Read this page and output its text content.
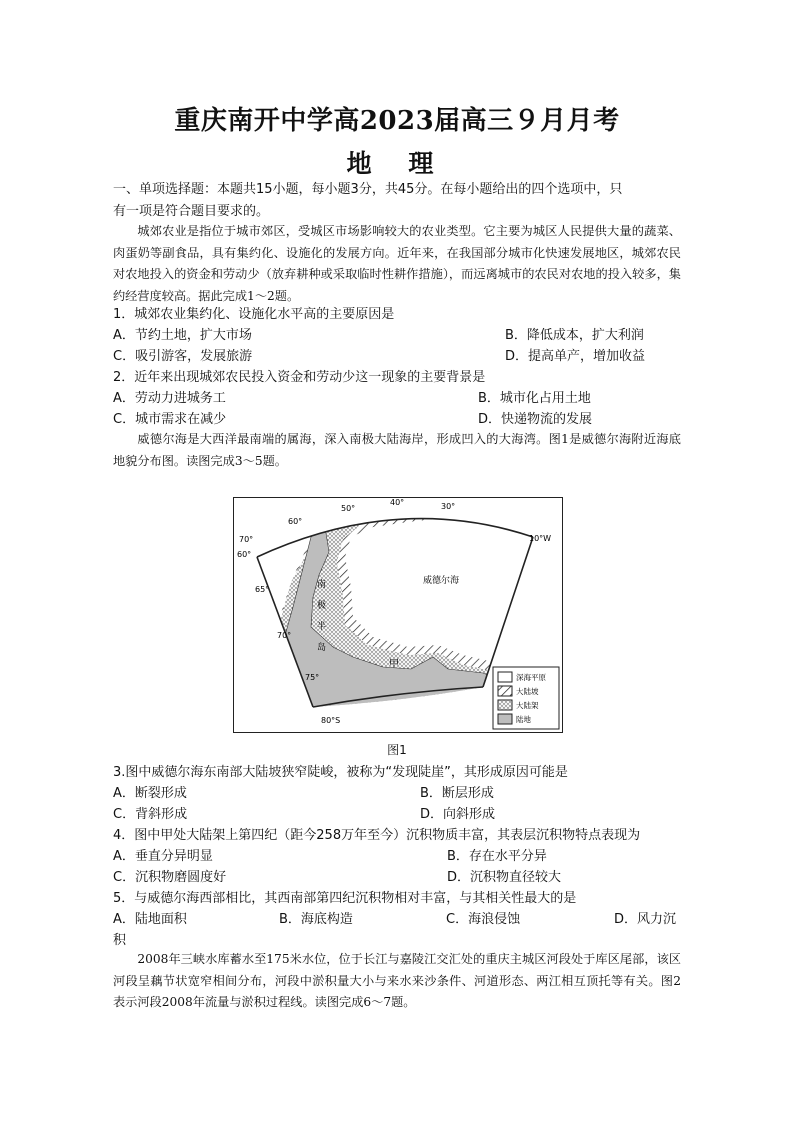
重庆南开中学高2023届高三９月月考
地 理
一、单项选择题：本题共15小题，每小题3分，共45分。在每小题给出的四个选项中，只
有一项是符合题目要求的。
城郊农业是指位于城市郊区，受城区市场影响较大的农业类型。它主要为城区人民提供大量的蔬菜、肉蛋奶等副食品，具有集约化、设施化的发展方向。近年来，在我国部分城市化快速发展地区，城郊农民对农地投入的资金和劳动少（放弃耕种或采取临时性耕作措施），而远离城市的农民对农地的投入较多，集约经营度较高。据此完成1～2题。
1．城郊农业集约化、设施化水平高的主要原因是
A．节约土地，扩大市场	B．降低成本，扩大利润
C．吸引游客，发展旅游	D．提高单产，增加收益
2．近年来出现城郊农民投入资金和劳动少这一现象的主要背景是
A．劳动力进城务工	B．城市化占用土地
C．城市需求在减少	D．快递物流的发展
威德尔海是大西洋最南端的属海，深入南极大陆海岸，形成凹入的大海湾。图1是威德尔海附近海底地貌分布图。读图完成3～5题。
70°
60°
60°
50°
40°	30°
10°W
65°
70°
75°
80°S
威德尔海
南
极
半
岛
甲
深海平原
大陆坡
大陆架
陆地
图1
3.图中威德尔海东南部大陆坡狭窄陡峻，被称为“发现陡崖”，其形成原因可能是
A．断裂形成	B．断层形成
C．背斜形成	D．向斜形成
4．图中甲处大陆架上第四纪（距今258万年至今）沉积物质丰富，其表层沉积物特点表现为
A．垂直分异明显	B．存在水平分异
C．沉积物磨圆度好	D．沉积物直径较大
5．与威德尔海西部相比，其西南部第四纪沉积物相对丰富，与其相关性最大的是
A．陆地面积	B．海底构造	C．海浪侵蚀	D．风力沉
积
2008年三峡水库蓄水至175米水位，位于长江与嘉陵江交汇处的重庆主城区河段处于库区尾部，该区河段呈藕节状宽窄相间分布，河段中淤积量大小与来水来沙条件、河道形态、两江相互顶托等有关。图2表示河段2008年流量与淤积过程线。读图完成6～7题。
